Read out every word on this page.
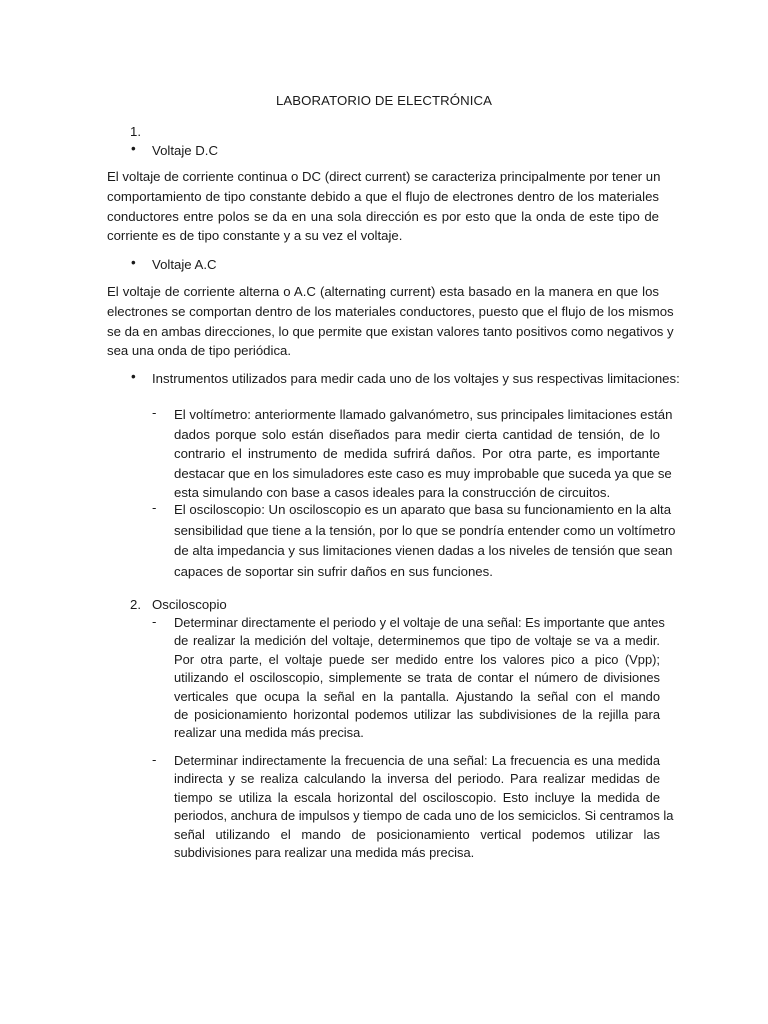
LABORATORIO DE ELECTRÓNICA
1.
• Voltaje D.C
El voltaje de corriente continua o DC (direct current) se caracteriza principalmente por tener un
comportamiento de tipo constante debido a que el flujo de electrones dentro de los materiales
conductores entre polos se da en una sola dirección es por esto que la onda de este tipo de
corriente es de tipo constante y a su vez el voltaje.
• Voltaje A.C
El voltaje de corriente alterna o A.C (alternating current) esta basado en la manera en que los
electrones se comportan dentro de los materiales conductores, puesto que el flujo de los mismos
se da en ambas direcciones, lo que permite que existan valores tanto positivos como negativos y
sea una onda de tipo periódica.
• Instrumentos utilizados para medir cada uno de los voltajes y sus respectivas limitaciones:
- El voltímetro: anteriormente llamado galvanómetro, sus principales limitaciones están
dados porque solo están diseñados para medir cierta cantidad de tensión, de lo
contrario el instrumento de medida sufrirá daños. Por otra parte, es importante
destacar que en los simuladores este caso es muy improbable que suceda ya que se
esta simulando con base a casos ideales para la construcción de circuitos.
- El osciloscopio: Un osciloscopio es un aparato que basa su funcionamiento en la alta
sensibilidad que tiene a la tensión, por lo que se pondría entender como un voltímetro
de alta impedancia y sus limitaciones vienen dadas a los niveles de tensión que sean
capaces de soportar sin sufrir daños en sus funciones.
2. Osciloscopio
- Determinar directamente el periodo y el voltaje de una señal: Es importante que antes
de realizar la medición del voltaje, determinemos que tipo de voltaje se va a medir.
Por otra parte, el voltaje puede ser medido entre los valores pico a pico (Vpp);
utilizando el osciloscopio, simplemente se trata de contar el número de divisiones
verticales que ocupa la señal en la pantalla. Ajustando la señal con el mando
de posicionamiento horizontal podemos utilizar las subdivisiones de la rejilla para
realizar una medida más precisa.
- Determinar indirectamente la frecuencia de una señal: La frecuencia es una medida
indirecta y se realiza calculando la inversa del periodo. Para realizar medidas de
tiempo se utiliza la escala horizontal del osciloscopio. Esto incluye la medida de
periodos, anchura de impulsos y tiempo de cada uno de los semiciclos. Si centramos la
señal utilizando el mando de posicionamiento vertical podemos utilizar las
subdivisiones para realizar una medida más precisa.
